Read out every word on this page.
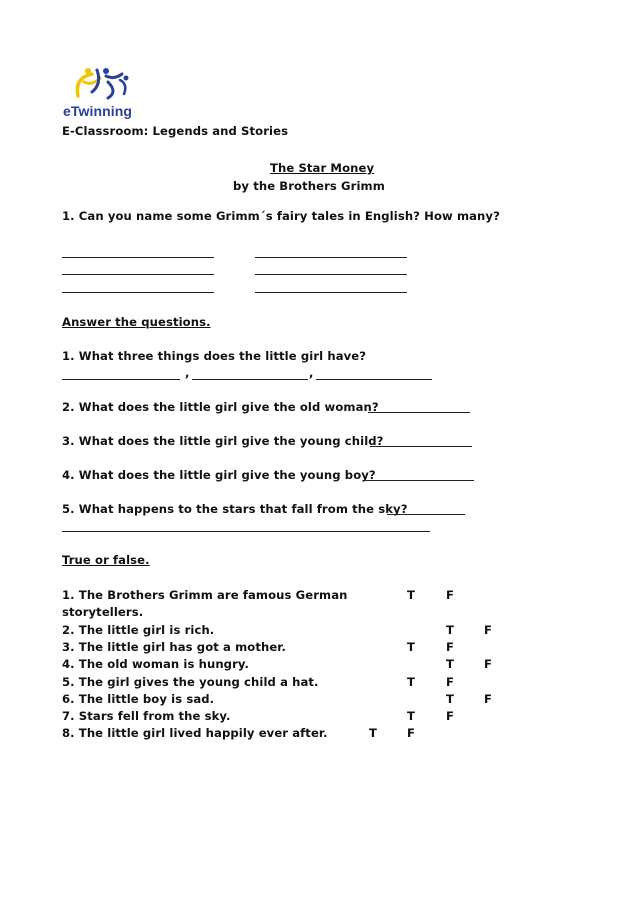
eTwinning
E-Classroom: Legends and Stories
The Star Money
by the Brothers Grimm
1. Can you name some Grimm´s fairy tales in English? How many?
Answer the questions.
1. What three things does the little girl have?
,	,
2. What does the little girl give the old woman?
3. What does the little girl give the young child?
4. What does the little girl give the young boy?
5. What happens to the stars that fall from the sky?
True or false.
1. The Brothers Grimm are famous German	T	F
storytellers.
2. The little girl is rich.	T	F
3. The little girl has got a mother.	T	F
4. The old woman is hungry.	T	F
5. The girl gives the young child a hat.	T	F
6. The little boy is sad.	T	F
7. Stars fell from the sky.	T	F
8. The little girl lived happily ever after.	T	F
